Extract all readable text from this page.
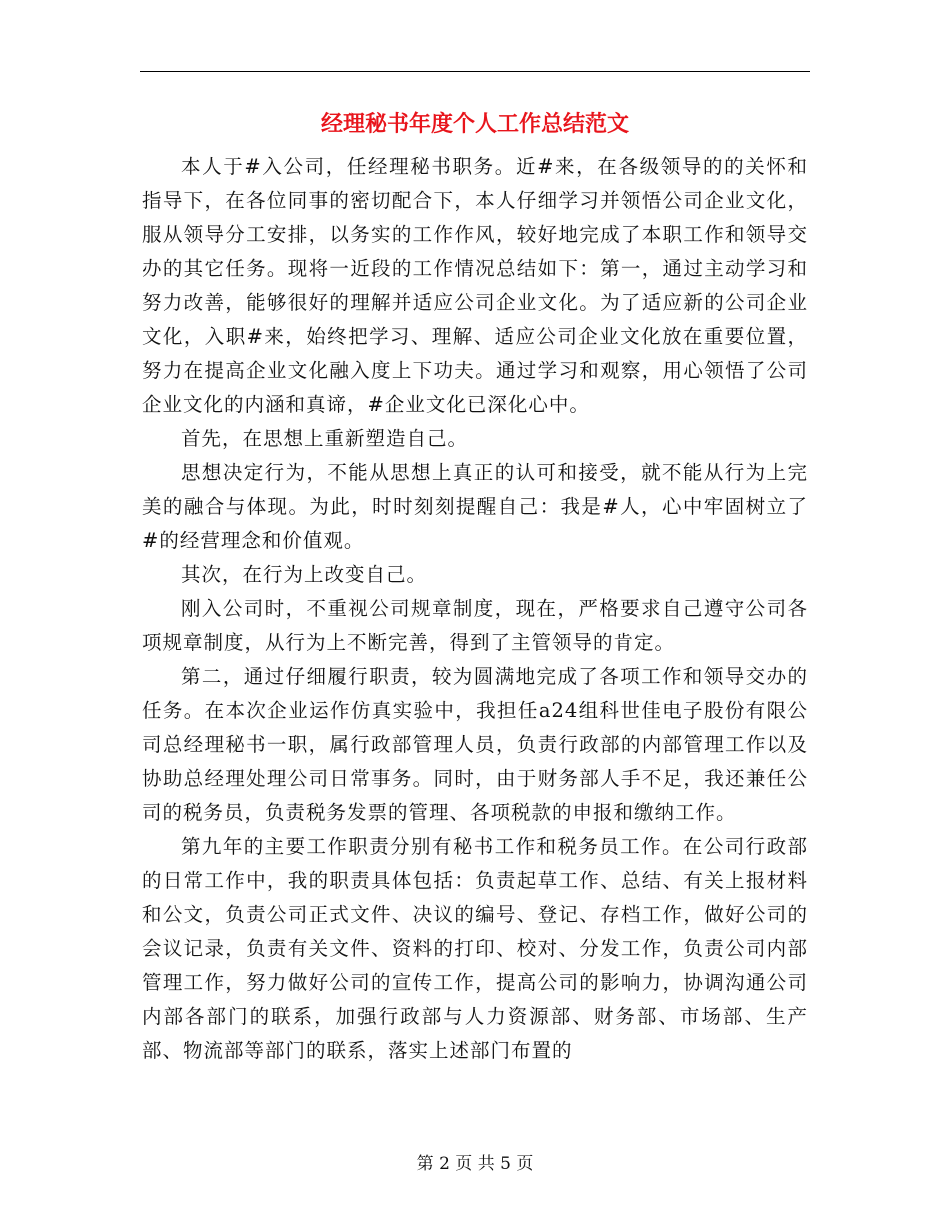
经理秘书年度个人工作总结范文

本人于#入公司，任经理秘书职务。近#来，在各级领导的的关怀和指导下，在各位同事的密切配合下，本人仔细学习并领悟公司企业文化，服从领导分工安排，以务实的工作作风，较好地完成了本职工作和领导交办的其它任务。现将一近段的工作情况总结如下：第一，通过主动学习和努力改善，能够很好的理解并适应公司企业文化。为了适应新的公司企业文化，入职#来，始终把学习、理解、适应公司企业文化放在重要位置，努力在提高企业文化融入度上下功夫。通过学习和观察，用心领悟了公司企业文化的内涵和真谛，#企业文化已深化心中。

首先，在思想上重新塑造自己。

思想决定行为，不能从思想上真正的认可和接受，就不能从行为上完美的融合与体现。为此，时时刻刻提醒自己：我是#人，心中牢固树立了#的经营理念和价值观。

其次，在行为上改变自己。

刚入公司时，不重视公司规章制度，现在，严格要求自己遵守公司各项规章制度，从行为上不断完善，得到了主管领导的肯定。

第二，通过仔细履行职责，较为圆满地完成了各项工作和领导交办的任务。在本次企业运作仿真实验中，我担任a24组科世佳电子股份有限公司总经理秘书一职，属行政部管理人员，负责行政部的内部管理工作以及协助总经理处理公司日常事务。同时，由于财务部人手不足，我还兼任公司的税务员，负责税务发票的管理、各项税款的申报和缴纳工作。

第九年的主要工作职责分别有秘书工作和税务员工作。在公司行政部的日常工作中，我的职责具体包括：负责起草工作、总结、有关上报材料和公文，负责公司正式文件、决议的编号、登记、存档工作，做好公司的会议记录，负责有关文件、资料的打印、校对、分发工作，负责公司内部管理工作，努力做好公司的宣传工作，提高公司的影响力，协调沟通公司内部各部门的联系，加强行政部与人力资源部、财务部、市场部、生产部、物流部等部门的联系，落实上述部门布置的

第 2 页 共 5 页
